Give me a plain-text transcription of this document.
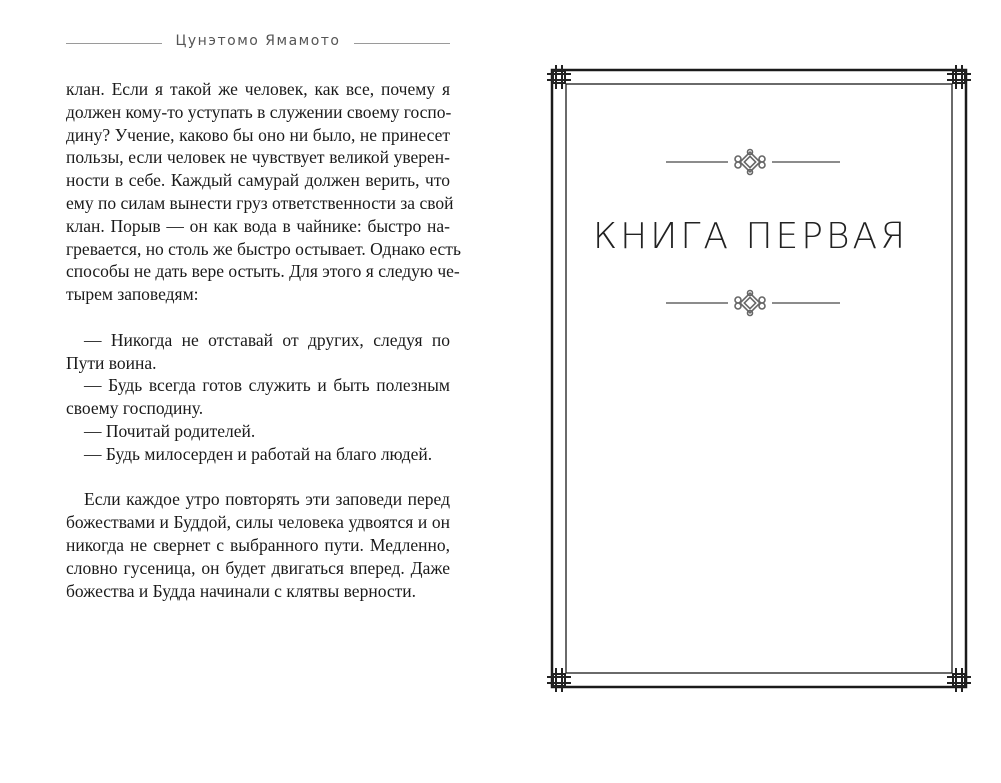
Цунэтомо Ямамото
клан. Если я такой же человек, как все, почему я
должен кому-то уступать в служении своему госпо-
дину? Учение, каково бы оно ни было, не принесет
пользы, если человек не чувствует великой уверен-
ности в себе. Каждый самурай должен верить, что
ему по силам вынести груз ответственности за свой
клан. Порыв — он как вода в чайнике: быстро на-
гревается, но столь же быстро остывает. Однако есть
способы не дать вере остыть. Для этого я следую че-
тырем заповедям:
— Никогда не отставай от других, следуя по
Пути воина.
— Будь всегда готов служить и быть полезным
своему господину.
— Почитай родителей.
— Будь милосерден и работай на благо людей.
Если каждое утро повторять эти заповеди перед
божествами и Буддой, силы человека удвоятся и он
никогда не свернет с выбранного пути. Медленно,
словно гусеница, он будет двигаться вперед. Даже
божества и Будда начинали с клятвы верности.
КНИГА ПЕРВАЯ
